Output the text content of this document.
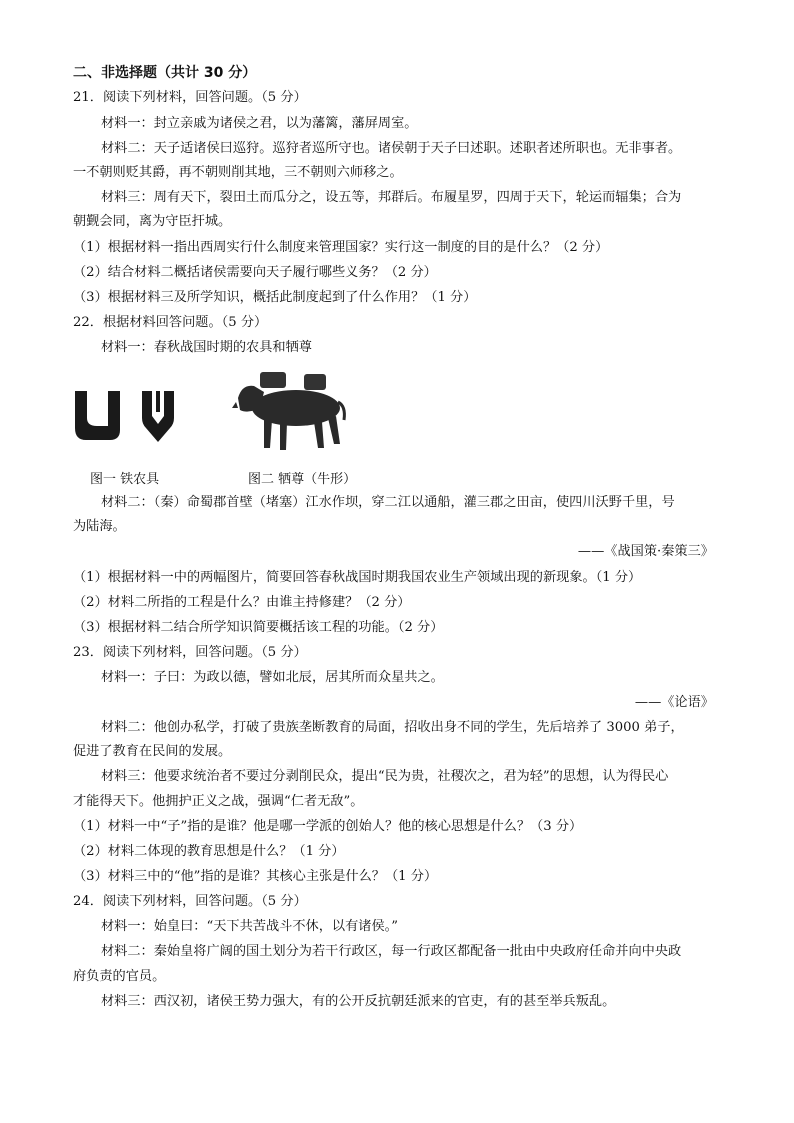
二、非选择题（共计 30 分）
21．阅读下列材料，回答问题。（5 分）
材料一：封立亲戚为诸侯之君，以为藩篱，藩屏周室。
材料二：天子适诸侯曰巡狩。巡狩者巡所守也。诸侯朝于天子曰述职。述职者述所职也。无非事者。
一不朝则贬其爵，再不朝则削其地，三不朝则六师移之。
材料三：周有天下，裂田土而瓜分之，设五等，邦群后。布履星罗，四周于天下，轮运而辐集；合为
朝觐会同，离为守臣扞城。
（1）根据材料一指出西周实行什么制度来管理国家？实行这一制度的目的是什么？（2 分）
（2）结合材料二概括诸侯需要向天子履行哪些义务？（2 分）
（3）根据材料三及所学知识，概括此制度起到了什么作用？（1 分）
22．根据材料回答问题。（5 分）
材料一：春秋战国时期的农具和牺尊
图一 铁农具	图二 牺尊（牛形）
材料二：（秦）命蜀郡首壁（堵塞）江水作坝，穿二江以通船，灌三郡之田亩，使四川沃野千里，号
为陆海。
——《战国策·秦策三》
（1）根据材料一中的两幅图片，简要回答春秋战国时期我国农业生产领域出现的新现象。（1 分）
（2）材料二所指的工程是什么？由谁主持修建？（2 分）
（3）根据材料二结合所学知识简要概括该工程的功能。（2 分）
23．阅读下列材料，回答问题。（5 分）
材料一：子曰：为政以德，譬如北辰，居其所而众星共之。
——《论语》
材料二：他创办私学，打破了贵族垄断教育的局面，招收出身不同的学生，先后培养了 3000 弟子，
促进了教育在民间的发展。
材料三：他要求统治者不要过分剥削民众，提出“民为贵，社稷次之，君为轻”的思想，认为得民心
才能得天下。他拥护正义之战，强调“仁者无敌”。
（1）材料一中“子”指的是谁？他是哪一学派的创始人？他的核心思想是什么？（3 分）
（2）材料二体现的教育思想是什么？（1 分）
（3）材料三中的“他”指的是谁？其核心主张是什么？（1 分）
24．阅读下列材料，回答问题。（5 分）
材料一：始皇曰：“天下共苦战斗不休，以有诸侯。”
材料二：秦始皇将广阔的国土划分为若干行政区，每一行政区都配备一批由中央政府任命并向中央政
府负责的官员。
材料三：西汉初，诸侯王势力强大，有的公开反抗朝廷派来的官吏，有的甚至举兵叛乱。
